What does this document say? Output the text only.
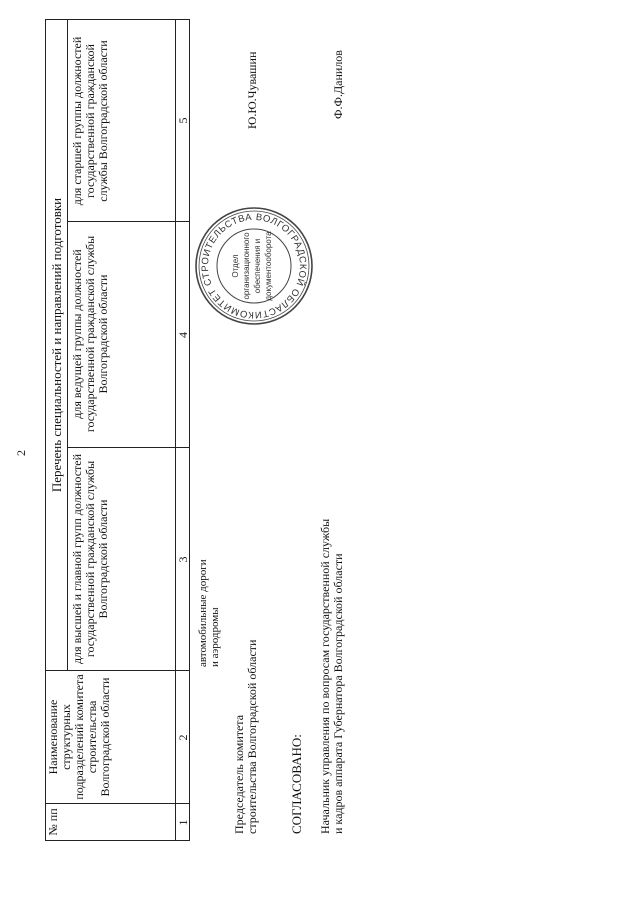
2
№ пп
Наименование структурных подразделений комитета строительства Волгоградской области
Перечень специальностей и направлений подготовки
для высшей и главной групп должностей государственной гражданской службы Волгоградской области
для ведущей группы должностей государственной гражданской службы Волгоградской области
для старшей группы должностей государственной гражданской службы Волгоградской области
1
2
3
4
5
автомобильные дороги и аэродромы
КОМИТЕТ СТРОИТЕЛЬСТВА ВОЛГОГРАДСКОЙ ОБЛАСТИ
Отдел организационного обеспечения и документооборота
Председатель комитета строительства Волгоградской области
Ю.Ю.Чувашин
СОГЛАСОВАНО: Начальник управления по вопросам государственной службы и кадров аппарата Губернатора Волгоградской области
Ф.Ф.Данилов
